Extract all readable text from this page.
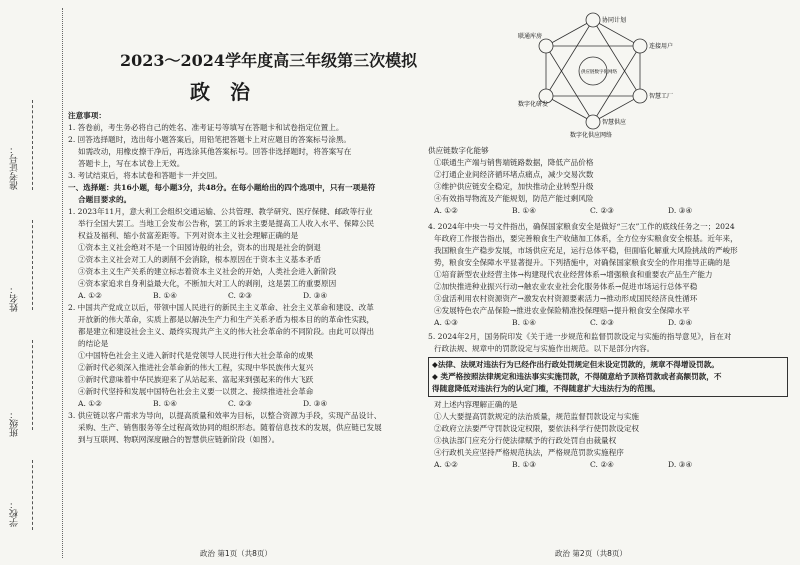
准考证号：
姓名：
班级：
学校：
2023～2024学年度高三年级第三次模拟
政治

注意事项：

1. 答卷前，考生务必将自己的姓名、准考证号等填写在答题卡和试卷指定位置上。

2. 回答选择题时，选出每小题答案后，用铅笔把答题卡上对应题目的答案标号涂黑。

如需改动，用橡皮擦干净后，再选涂其他答案标号。回答非选择题时，将答案写在

答题卡上，写在本试卷上无效。

3. 考试结束后，将本试卷和答题卡一并交回。

一、选择题：共16小题，每小题3分，共48分。在每小题给出的四个选项中，只有一项是符

合题目要求的。

1. 2023年11月，意大利工会组织交通运输、公共管理、教学研究、医疗保健、邮政等行业

举行全国大罢工。当地工会发布公告称，罢工的诉求主要是提高工人收入水平、保障公民

权益及福利、缩小贫富差距等。下列对资本主义社会理解正确的是

①资本主义社会绝对不是一个田园诗般的社会，资本的出现是社会的倒退

②资本主义社会对工人的剥削不会消除，根本原因在于资本主义基本矛盾

③资本主义生产关系的建立标志着资本主义社会的开始，人类社会进入新阶段

④资本家追求自身利益最大化，不断加大对工人的剥削，这是罢工的重要原因

A. ①②	B. ①④	C. ②③	D. ③④

2. 中国共产党成立以后，带领中国人民进行的新民主主义革命、社会主义革命和建设、改革

开放新的伟大革命，实质上都是以解决生产力和生产关系矛盾为根本目的的革命性实践，

都是建立和建设社会主义、最终实现共产主义的伟大社会革命的不同阶段。由此可以得出

的结论是

①中国特色社会主义进入新时代是党领导人民进行伟大社会革命的成果

②新时代必须深入推进社会革命新的伟大工程，实现中华民族伟大复兴

③新时代意味着中华民族迎来了从站起来、富起来到强起来的伟大飞跃

④新时代坚持和发展中国特色社会主义要一以贯之、接续推进社会革命

A. ①②	B. ①④	C. ②③	D. ③④

3. 供应链以客户需求为导向，以提高质量和效率为目标，以整合资源为手段，实现产品设计、

采购、生产、销售服务等全过程高效协同的组织形态。随着信息技术的发展，供应链已发展

到与互联网、物联网深度融合的智慧供应链新阶段（如图）。

政治 第1页（共8页）
协同计划
连接用户
智慧工厂
智慧供应
数字化研发
联通库房
供应链数字化网络
数字化供应网络

供应链数字化能够

①联通生产端与销售端链路数据，降低产品价格

②打通企业间经济循环堵点痛点，减少交易次数

③维护供应链安全稳定，加快推动企业转型升级

④有效指导物流及产能规划，防范产能过剩风险

A. ①②	B. ①④	C. ②③	D. ③④

4. 2024年中央一号文件指出，确保国家粮食安全是做好“三农”工作的底线任务之一；2024

年政府工作报告指出，要完善粮食生产收储加工体系，全方位夯实粮食安全根基。近年来，

我国粮食生产稳步发展，市场供应充足，运行总体平稳，但面临化解重大风险挑战的严峻形

势，粮食安全保障水平显著提升。下列措施中，对确保国家粮食安全的作用推导正确的是

①培育新型农业经营主体→构建现代农业经营体系→增强粮食和重要农产品生产能力

②加快推进种业振兴行动→触农业农业社会化服务体系→促进市场运行总体平稳

③盘活利用农村资源资产→激发农村资源要素活力→推动形成国民经济良性循环

④发展特色农产品保险→推进农业保险精准投保理赔→提升粮食安全保障水平

A. ①③	B. ①④	C. ②③	D. ②④

5. 2024年2月，国务院印发《关于进一步规范和监督罚款设定与实施的指导意见》，旨在对

行政法规、规章中的罚款设定与实施作出规范。以下是部分内容。

◆法律、法规对违法行为已经作出行政处罚规定但未设定罚款的，规章不得增设罚款。

◆ 类严格按照法律规定和违法事实实施罚款，不得随意给予顶格罚款或者高额罚款，不

得随意降低对违法行为的认定门槛，不得随意扩大违法行为的范围。

对上述内容理解正确的是

①人大要提高罚款规定的法治质量，规范监督罚款设定与实施

②政府立法要严守罚款设定权限，要依法科学行使罚款设定权

③执法部门应充分行使法律赋予的行政处罚自由裁量权

④行政机关应坚持严格规范执法，严格规范罚款实施程序

A. ①②	B. ①③	C. ②④	D. ③④

政治 第2页（共8页）
